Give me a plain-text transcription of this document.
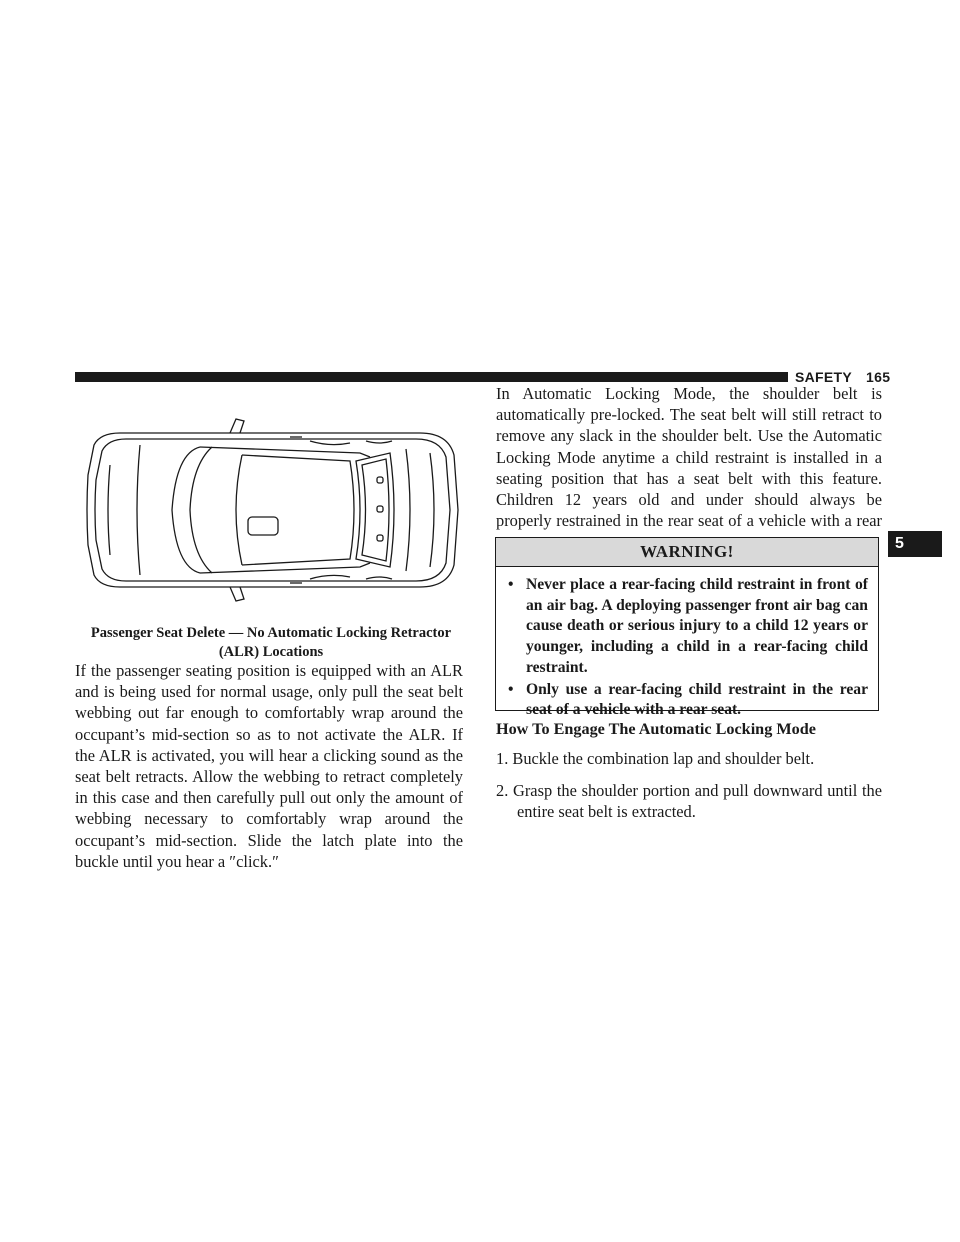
SAFETY 165
5
Passenger Seat Delete — No Automatic Locking Retractor (ALR) Locations

If the passenger seating position is equipped with an ALR and is being used for normal usage, only pull the seat belt webbing out far enough to comfortably wrap around the occupant’s mid-section so as to not activate the ALR. If the ALR is activated, you will hear a clicking sound as the seat belt retracts. Allow the webbing to retract completely in this case and then carefully pull out only the amount of webbing necessary to comfortably wrap around the occupant’s mid-section. Slide the latch plate into the buckle until you hear a ″click.″

In Automatic Locking Mode, the shoulder belt is automatically pre-locked. The seat belt will still retract to remove any slack in the shoulder belt. Use the Automatic Locking Mode anytime a child restraint is installed in a seating position that has a seat belt with this feature. Children 12 years old and under should always be properly restrained in the rear seat of a vehicle with a rear

WARNING!
• Never place a rear-facing child restraint in front of an air bag. A deploying passenger front air bag can cause death or serious injury to a child 12 years or younger, including a child in a rear-facing child restraint.
• Only use a rear-facing child restraint in the rear seat of a vehicle with a rear seat.
How To Engage The Automatic Locking Mode
1. Buckle the combination lap and shoulder belt.
2. Grasp the shoulder portion and pull downward until the entire seat belt is extracted.
